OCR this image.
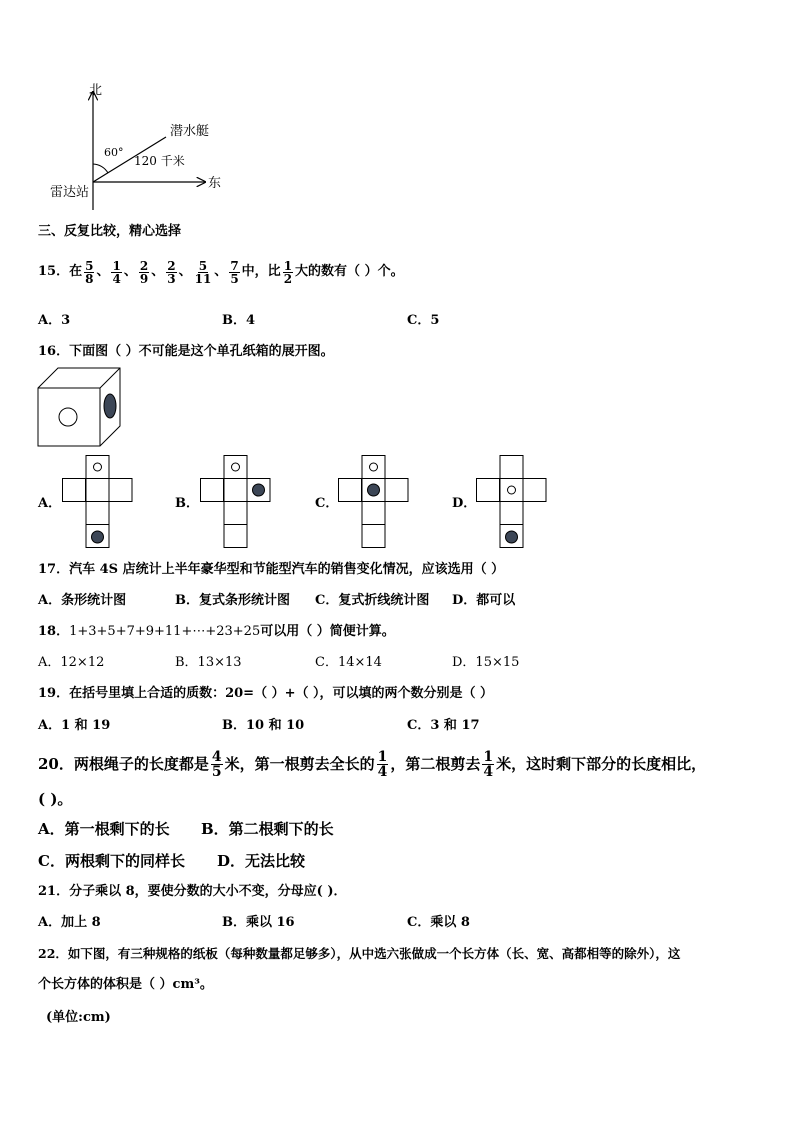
北
东
潜水艇
雷达站
60°
120 千米
三、反复比较，精心选择
15．在 $\frac{5}{8}$ 、 $\frac{1}{4}$ 、 $\frac{2}{9}$ 、 $\frac{2}{3}$ 、 $\frac{5}{11}$ 、 $\frac{7}{5}$ 中，比 $\frac{1}{2}$ 大的数有（ ）个。
A．3	B．4	C．5
16．下面图（ ）不可能是这个单孔纸箱的展开图。
A．	B．	C．	D．
17．汽车 4S 店统计上半年豪华型和节能型汽车的销售变化情况，应该选用（ ）
A．条形统计图	B．复式条形统计图 C．复式折线统计图 D．都可以
18．1+3+5+7+9+11+⋯+23+25可以用（ ）简便计算。
A．12×12	B．13×13	C．14×14	D．15×15
19．在括号里填上合适的质数：20=（ ）+（ ），可以填的两个数分别是（ ）
A．1 和 19	B．10 和 10	C．3 和 17
20．两根绳子的长度都是 $\frac{4}{5}$ 米，第一根剪去全长的 $\frac{1}{4}$ ，第二根剪去 $\frac{1}{4}$ 米，这时剩下部分的长度相比，
( )。
A．第一根剩下的长 B．第二根剩下的长
C．两根剩下的同样长 D．无法比较
21．分子乘以 8，要使分数的大小不变，分母应( )．
A．加上 8	B．乘以 16	C．乘以 8
22．如下图，有三种规格的纸板（每种数量都足够多），从中选六张做成一个长方体（长、宽、高都相等的除外），这
个长方体的体积是（ ）cm³。
(单位:cm)
